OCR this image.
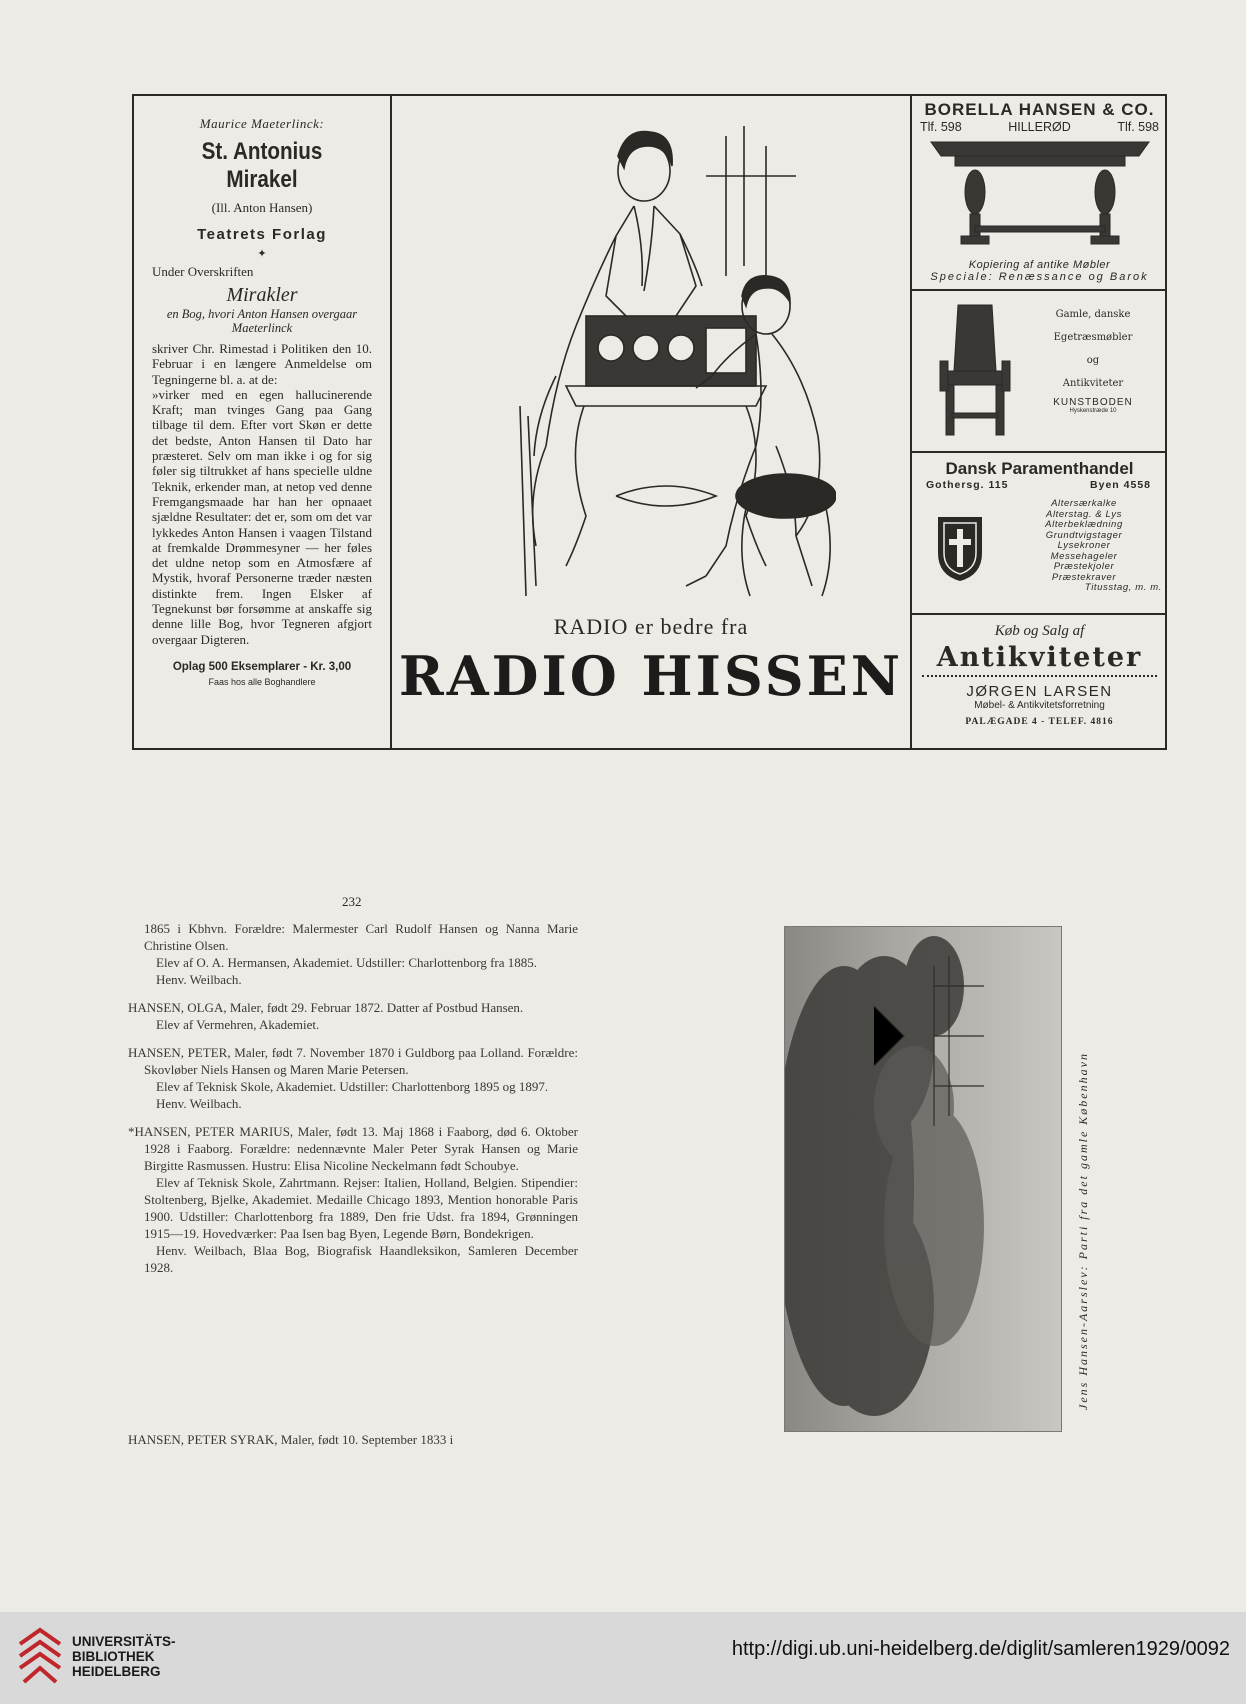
Maurice Maeterlinck:
St. Antonius Mirakel
(Ill. Anton Hansen)
Teatrets Forlag
✦
Under Overskriften
Mirakler
en Bog, hvori Anton Hansen overgaar Maeterlinck

skriver Chr. Rimestad i Politiken den 10. Februar i en længere Anmeldelse om Tegningerne bl. a. at de:

»virker med en egen hallucinerende Kraft; man tvinges Gang paa Gang tilbage til dem. Efter vort Skøn er dette det bedste, Anton Hansen til Dato har præsteret. Selv om man ikke i og for sig føler sig tiltrukket af hans specielle uldne Teknik, erkender man, at netop ved denne Fremgangsmaade har han her opnaaet sjældne Resultater: det er, som om det var lykkedes Anton Hansen i vaagen Tilstand at fremkalde Drømmesyner — her føles det uldne netop som en Atmosfære af Mystik, hvoraf Personerne træder næsten distinkte frem. Ingen Elsker af Tegnekunst bør forsømme at anskaffe sig denne lille Bog, hvor Tegneren afgjort overgaar Digteren.

Oplag 500 Eksemplarer - Kr. 3,00
Faas hos alle Boghandlere
RADIO er bedre fra
RADIO HISSEN
BORELLA HANSEN & CO.
Tlf. 598	HILLERØD	Tlf. 598
Kopiering af antike Møbler
Speciale: Renæssance og Barok
Gamle, danske
Egetræsmøbler
og
Antikviteter
KUNSTBODEN
Hyskenstræde 10
Dansk Paramenthandel
Gothersg. 115	Byen 4558
Altersærkalke
Alterstag. & Lys
Alterbeklædning
Grundtvigstager
Lysekroner
Messehageler
Præstekjoler
Præstekraver
Titusstag, m. m.
Køb og Salg af
Antikviteter
JØRGEN LARSEN
Møbel- & Antikvitetsforretning
PALÆGADE 4 - TELEF. 4816
232

1865 i Kbhvn. Forældre: Malermester Carl Rudolf Hansen og Nanna Marie Christine Olsen.

Elev af O. A. Hermansen, Akademiet. Udstiller: Charlottenborg fra 1885.

Henv. Weilbach.

HANSEN, OLGA, Maler, født 29. Februar 1872. Datter af Postbud Hansen.

Elev af Vermehren, Akademiet.

HANSEN, PETER, Maler, født 7. November 1870 i Guldborg paa Lolland. Forældre: Skovløber Niels Hansen og Maren Marie Petersen.

Elev af Teknisk Skole, Akademiet. Udstiller: Charlottenborg 1895 og 1897.

Henv. Weilbach.

*HANSEN, PETER MARIUS, Maler, født 13. Maj 1868 i Faaborg, død 6. Oktober 1928 i Faaborg. Forældre: nedennævnte Maler Peter Syrak Hansen og Marie Birgitte Rasmussen. Hustru: Elisa Nicoline Neckelmann født Schoubye.

Elev af Teknisk Skole, Zahrtmann. Rejser: Italien, Holland, Belgien. Stipendier: Stoltenberg, Bjelke, Akademiet. Medaille Chicago 1893, Mention honorable Paris 1900. Udstiller: Charlottenborg fra 1889, Den frie Udst. fra 1894, Grønningen 1915—19. Hovedværker: Paa Isen bag Byen, Legende Børn, Bondekrigen.

Henv. Weilbach, Blaa Bog, Biografisk Haandleksikon, Samleren December 1928.

HANSEN, PETER SYRAK, Maler, født 10. September 1833 i
Jens Hansen-Aarslev: Parti fra det gamle København
UNIVERSITÄTS-
BIBLIOTHEK
HEIDELBERG
http://digi.ub.uni-heidelberg.de/diglit/samleren1929/0092
